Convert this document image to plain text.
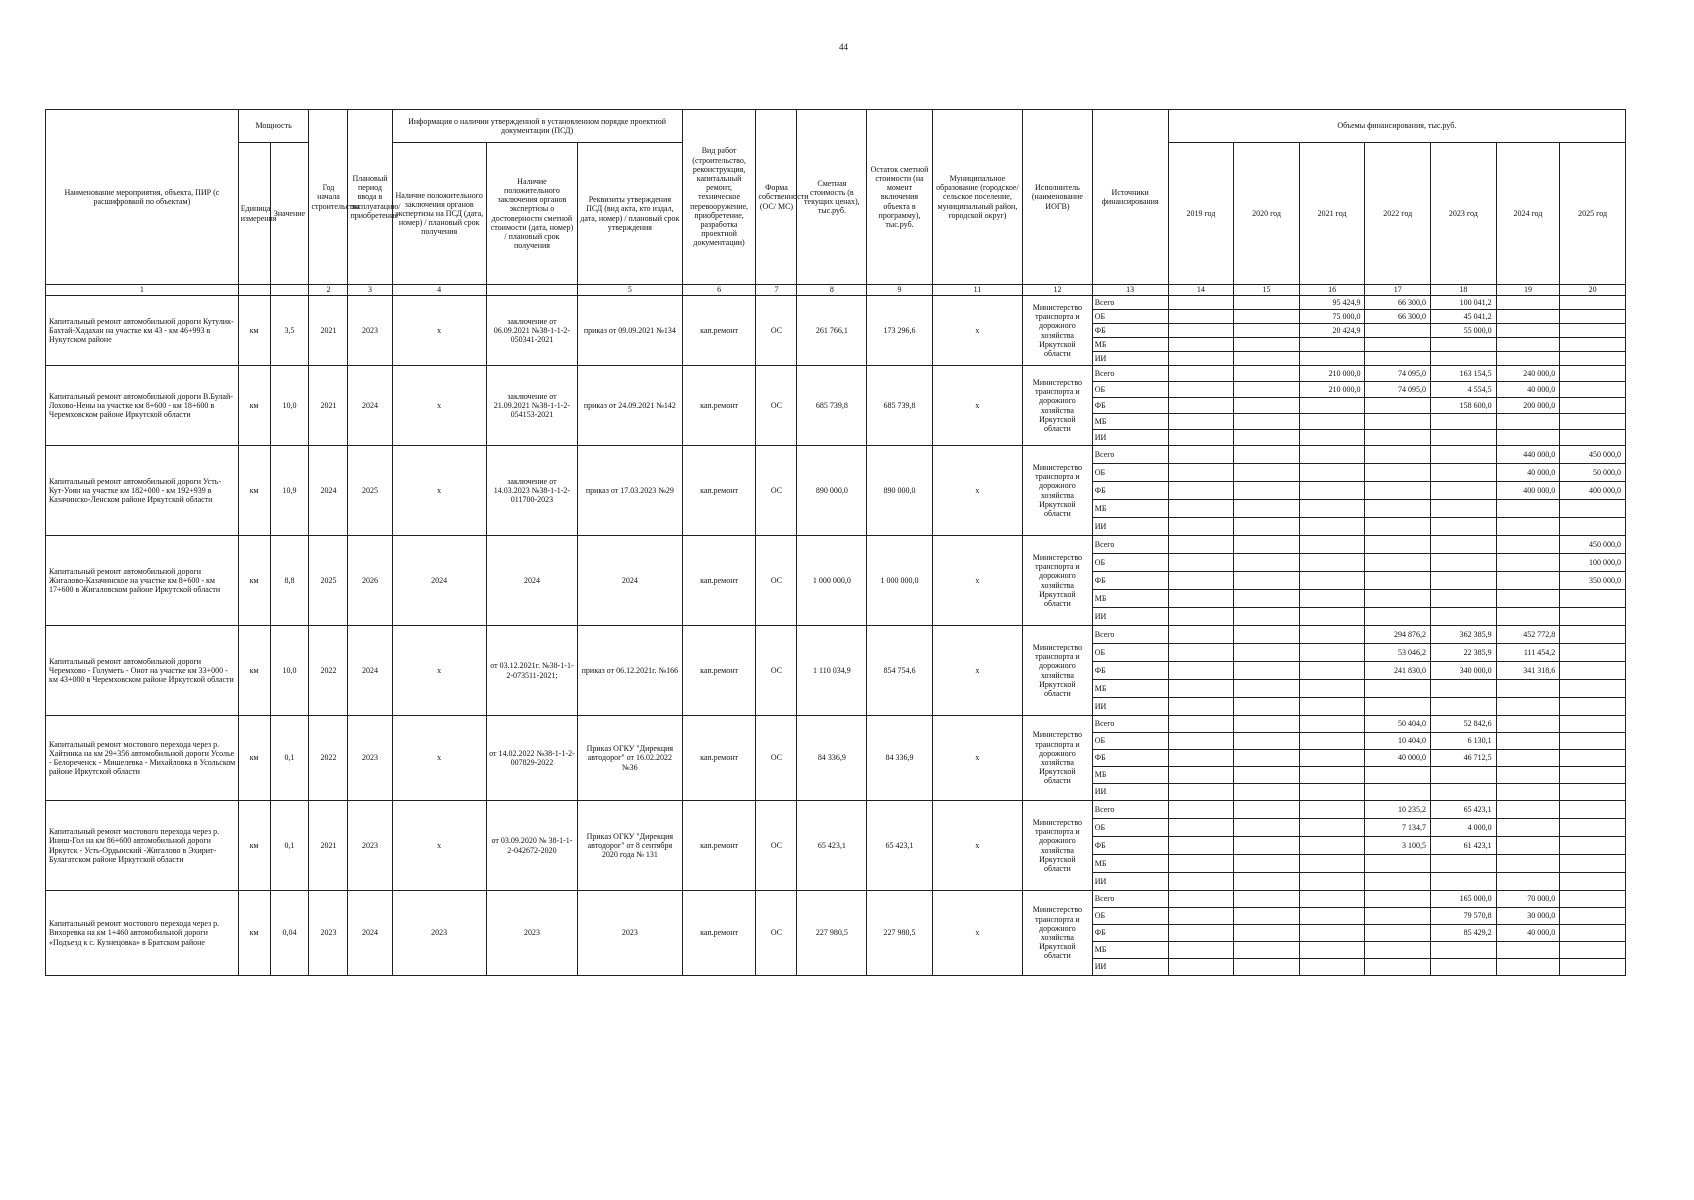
44
Наименование мероприятия, объекта, ПИР (с расшифровкой по объектам)	Мощность		Год начала строительства	Плановый период ввода в эксплуатацию/приобретения	Информация о наличии утвержденной в установленном порядке проектной документации (ПСД)			Вид работ (строительство, реконструкция, капитальный ремонт, техническое перевооружение, приобретение, разработка проектной документации)	Форма собственности (ОС/ МС)	Сметная стоимость (в текущих ценах), тыс.руб.	Остаток сметной стоимости (на момент включения объекта в программу), тыс.руб.	Муниципальное образование (городское/сельское поселение, муниципальный район, городской округ)	Исполнитель (наименование ИОГВ)	Источники финансирования	Объемы финансирования, тыс.руб.						
	Единица измерения	Значение			Наличие положительного заключения органов экспертизы на ПСД (дата, номер) / плановый срок получения	Наличие положительного заключения органов экспертизы о достоверности сметной стоимости (дата, номер) / плановый срок получения	Реквизиты утверждения ПСД (вид акта, кто издал, дата, номер) / плановый срок утверждения								2019 год	2020 год	2021 год	2022 год	2023 год	2024 год	2025 год
1			2	3	4		5	6	7	8	9	11	12	13	14	15	16	17	18	19	20
Капитальный ремонт автомобильной дороги Кутулик-Бахтай-Хадахан на участке км 43 - км 46+993 в Нукутском районе	км	3,5	2021	2023	х	заключение от 06.09.2021 №38-1-1-2-050341-2021	приказ от 09.09.2021 №134	кап.ремонт	ОС	261 766,1	173 296,6	х	Министерство транспорта и дорожного хозяйства Иркутской области	Всего			95 424,9	66 300,0	100 041,2		
														ОБ			75 000,0	66 300,0	45 041,2		
														ФБ			20 424,9		55 000,0		
														МБ							
														ИИ							
Капитальный ремонт автомобильной дороги В.Булай-Лохово-Нены на участке км 8+600 - км 18+600 в Черемховском районе Иркутской области	км	10,0	2021	2024	х	заключение от 21.09.2021 №38-1-1-2-054153-2021	приказ от 24.09.2021 №142	кап.ремонт	ОС	685 739,8	685 739,8	х	Министерство транспорта и дорожного хозяйства Иркутской области	Всего			210 000,0	74 095,0	163 154,5	240 000,0	
														ОБ			210 000,0	74 095,0	4 554,5	40 000,0	
														ФБ					158 600,0	200 000,0	
														МБ							
														ИИ							
Капитальный ремонт автомобильной дороги Усть-Кут-Уоян на участке км 182+000 - км 192+939 в Казачинско-Ленском районе Иркутской области	км	10,9	2024	2025	х	заключение от 14.03.2023 №38-1-1-2-011700-2023	приказ от 17.03.2023 №29	кап.ремонт	ОС	890 000,0	890 000,0	х	Министерство транспорта и дорожного хозяйства Иркутской области	Всего						440 000,0	450 000,0
														ОБ						40 000,0	50 000,0
														ФБ						400 000,0	400 000,0
														МБ							
														ИИ							
Капитальный ремонт автомобильной дороги Жигалово-Казачинское на участке км 8+600 - км 17+600 в Жигаловском районе Иркутской области	км	8,8	2025	2026	2024	2024	2024	кап.ремонт	ОС	1 000 000,0	1 000 000,0	х	Министерство транспорта и дорожного хозяйства Иркутской области	Всего							450 000,0
														ОБ							100 000,0
														ФБ							350 000,0
														МБ							
														ИИ							
Капитальный ремонт автомобильной дороги Черемхово - Голуметь - Онот на участке км 33+000 - км 43+000 в Черемховском районе Иркутской области	км	10,0	2022	2024	х	от 03.12.2021г. №38-1-1-2-073511-2021;	приказ от 06.12.2021г. №166	кап.ремонт	ОС	1 110 034,9	854 754,6	х	Министерство транспорта и дорожного хозяйства Иркутской области	Всего				294 876,2	362 385,9	452 772,8	
														ОБ				53 046,2	22 385,9	111 454,2	
														ФБ				241 830,0	340 000,0	341 318,6	
														МБ							
														ИИ							
Капитальный ремонт мостового перехода через р. Хайтинка на км 29+356 автомобильной дороги Усолье - Белореченск - Мишелевка - Михайловка в Усольском районе Иркутской области	км	0,1	2022	2023	х	от 14.02.2022 №38-1-1-2-007829-2022	Приказ ОГКУ "Дирекция автодорог" от 16.02.2022 №36	кап.ремонт	ОС	84 336,9	84 336,9	х	Министерство транспорта и дорожного хозяйства Иркутской области	Всего				50 404,0	52 842,6		
														ОБ				10 404,0	6 130,1		
														ФБ				40 000,0	46 712,5		
														МБ							
														ИИ							
Капитальный ремонт мостового перехода через р. Иниш-Гол на км 86+600 автомобильной дороги Иркутск - Усть-Ордынский -Жигалово в Эхирит-Булагатском районе Иркутской области	км	0,1	2021	2023	х	от 03.09.2020 № 38-1-1-2-042672-2020	Приказ ОГКУ "Дирекция автодорог" от 8 сентября 2020 года № 131	кап.ремонт	ОС	65 423,1	65 423,1	х	Министерство транспорта и дорожного хозяйства Иркутской области	Всего				10 235,2	65 423,1		
														ОБ				7 134,7	4 000,0		
														ФБ				3 100,5	61 423,1		
														МБ							
														ИИ							
Капитальный ремонт мостового перехода через р. Вихоревка на км 1+460 автомобильной дороги «Подъезд к с. Кузнецовка» в Братском районе	км	0,04	2023	2024	2023	2023	2023	кап.ремонт	ОС	227 980,5	227 980,5	х	Министерство транспорта и дорожного хозяйства Иркутской области	Всего					165 000,0	70 000,0	
														ОБ					79 570,8	30 000,0	
														ФБ					85 429,2	40 000,0	
														МБ							
														ИИ							
